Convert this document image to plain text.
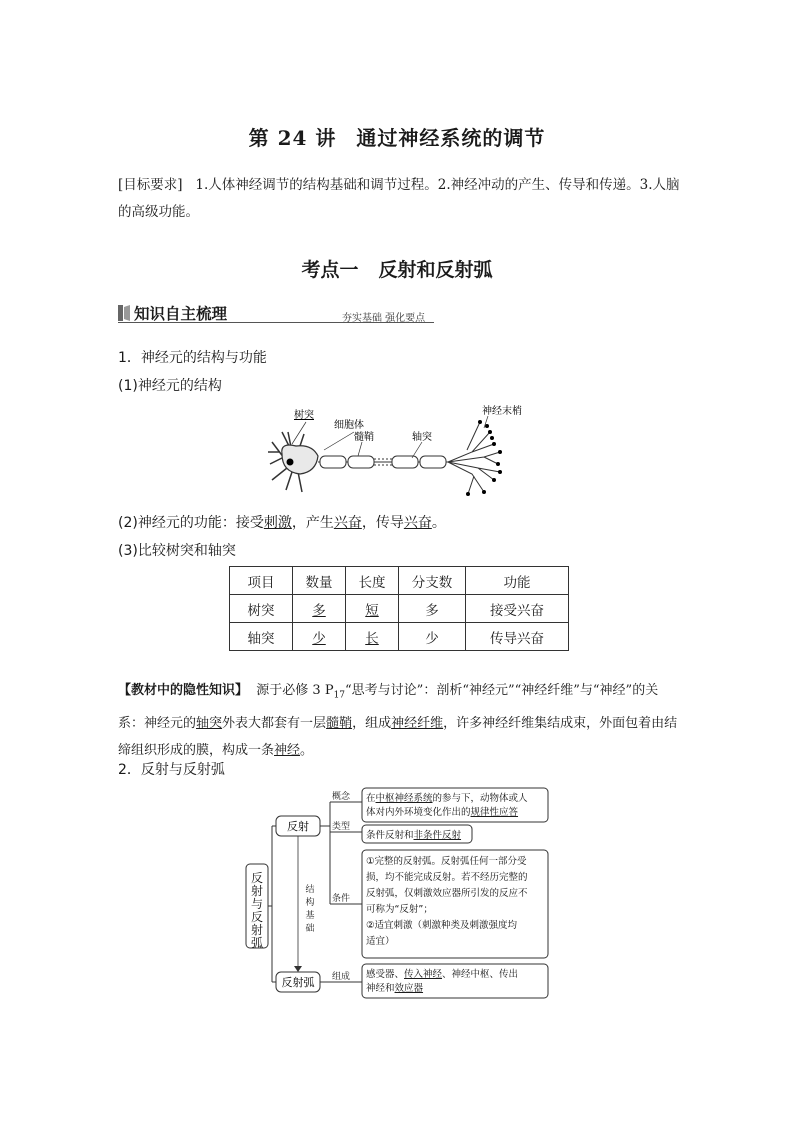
第 24 讲 通过神经系统的调节
[目标要求] 1.人体神经调节的结构基础和调节过程。2.神经冲动的产生、传导和传递。3.人脑的高级功能。
考点一 反射和反射弧
知识自主梳理	夯实基础 强化要点
1．神经元的结构与功能
(1)神经元的结构
树突
细胞体
髓鞘	轴突
神经末梢
(2)神经元的功能：接受刺激，产生兴奋，传导兴奋。
(3)比较树突和轴突
项目	数量	长度	分支数	功能
树突	多	短	多	接受兴奋
轴突	少	长	少	传导兴奋
【教材中的隐性知识】 源于必修 3 $P_{17}“$思考与讨论”：剖析“神经元”“神经纤维”与“神经”的关系：神经元的轴突外表大都套有一层髓鞘，组成神经纤维，许多神经纤维集结成束，外面包着由结缔组织形成的膜，构成一条神经。
2．反射与反射弧
反
射
与
反
射
弧
反射
反射弧
结
构
基
础
概念
类型
条件
组成
在中枢神经系统的参与下，动物体或人
体对内外环境变化作出的规律性应答
条件反射和非条件反射
①完整的反射弧。反射弧任何一部分受
损，均不能完成反射。若不经历完整的
反射弧，仅刺激效应器所引发的反应不
可称为“反射”；
②适宜刺激（刺激种类及刺激强度均
适宜）
感受器、传入神经、神经中枢、传出
神经和效应器
